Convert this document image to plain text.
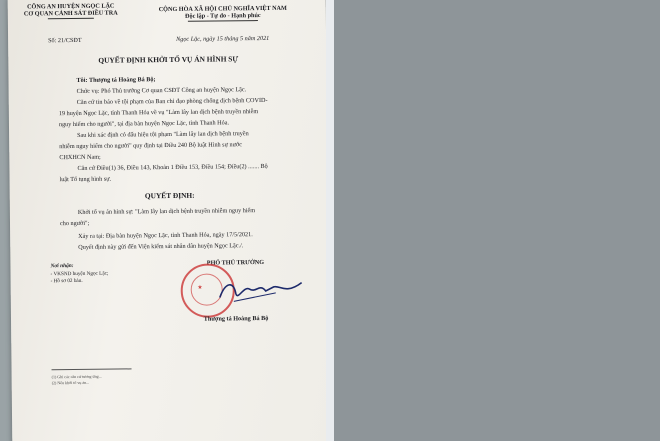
CÔNG AN HUYỆN NGỌC LẶC
CƠ QUAN CẢNH SÁT ĐIỀU TRA
CỘNG HÒA XÃ HỘI CHỦ NGHĨA VIỆT NAM
Độc lập - Tự do - Hạnh phúc
Số: 21/CSĐT	Ngọc Lặc, ngày 15 tháng 5 năm 2021
QUYẾT ĐỊNH KHỞI TỐ VỤ ÁN HÌNH SỰ
Tôi: Thượng tá Hoàng Bá Bộ;
Chức vụ: Phó Thủ trưởng Cơ quan CSĐT Công an huyện Ngọc Lặc.
Căn cứ tin báo về tội phạm của Ban chỉ đạo phòng chống dịch bệnh COVID-
19 huyện Ngọc Lặc, tỉnh Thanh Hóa về vụ "Làm lây lan dịch bệnh truyền nhiễm
nguy hiểm cho người", tại địa bàn huyện Ngọc Lặc, tỉnh Thanh Hóa.
Sau khi xác định có dấu hiệu tội phạm "Làm lây lan dịch bệnh truyền
nhiễm nguy hiểm cho người" quy định tại Điều 240 Bộ luật Hình sự nước
CHXHCN Nam;
Căn cứ Điều(1) 36, Điều 143, Khoản 1 Điều 153, Điều 154; Điều(2) ....... Bộ
luật Tố tụng hình sự.
QUYẾT ĐỊNH:
Khởi tố vụ án hình sự: "Làm lây lan dịch bệnh truyền nhiễm nguy hiểm
cho người";
Xảy ra tại: Địa bàn huyện Ngọc Lặc, tỉnh Thanh Hóa, ngày 17/5/2021.
Quyết định này gửi đến Viện kiểm sát nhân dân huyện Ngọc Lặc./.
Nơi nhận:
- VKSND huyện Ngọc Lặc;
- Hồ sơ 02 bản.
PHÓ THỦ TRƯỞNG
★
Thượng tá Hoàng Bá Bộ
(1) Ghi các căn cứ tương ứng...
(2) Nếu khởi tố vụ án...
